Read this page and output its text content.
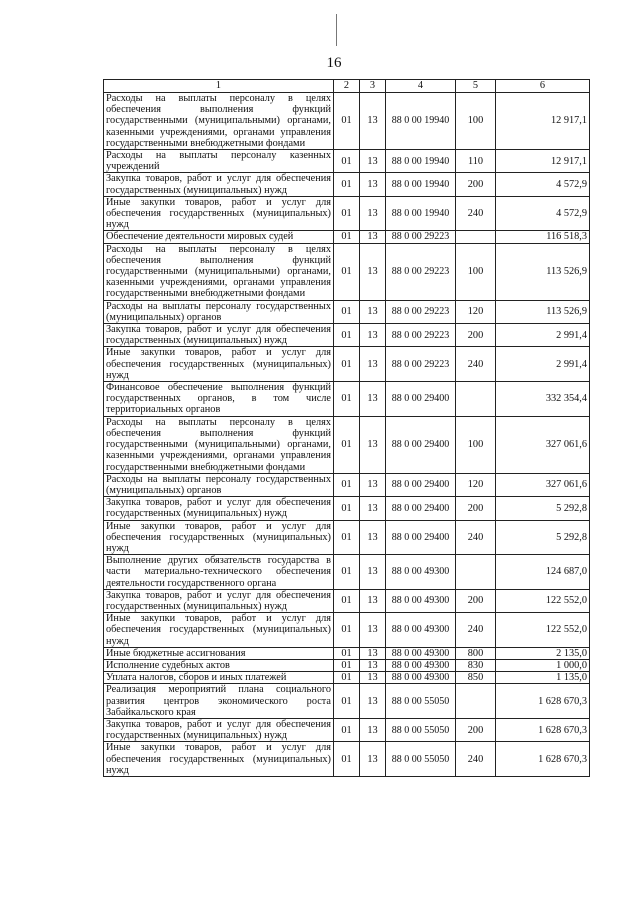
16
1	2	3	4	5	6
Расходы на выплаты персоналу в целях обеспечения выполнения функций государственными (муниципальными) органами, казенными учреждениями, органами управления государственными внебюджетными фондами	01	13	88 0 00 19940	100	12 917,1
Расходы на выплаты персоналу казенных учреждений	01	13	88 0 00 19940	110	12 917,1
Закупка товаров, работ и услуг для обеспечения государственных (муниципальных) нужд	01	13	88 0 00 19940	200	4 572,9
Иные закупки товаров, работ и услуг для обеспечения государственных (муниципальных) нужд	01	13	88 0 00 19940	240	4 572,9
Обеспечение деятельности мировых судей	01	13	88 0 00 29223		116 518,3
Расходы на выплаты персоналу в целях обеспечения выполнения функций государственными (муниципальными) органами, казенными учреждениями, органами управления государственными внебюджетными фондами	01	13	88 0 00 29223	100	113 526,9
Расходы на выплаты персоналу государственных (муниципальных) органов	01	13	88 0 00 29223	120	113 526,9
Закупка товаров, работ и услуг для обеспечения государственных (муниципальных) нужд	01	13	88 0 00 29223	200	2 991,4
Иные закупки товаров, работ и услуг для обеспечения государственных (муниципальных) нужд	01	13	88 0 00 29223	240	2 991,4
Финансовое обеспечение выполнения функций государственных органов, в том числе территориальных органов	01	13	88 0 00 29400		332 354,4
Расходы на выплаты персоналу в целях обеспечения выполнения функций государственными (муниципальными) органами, казенными учреждениями, органами управления государственными внебюджетными фондами	01	13	88 0 00 29400	100	327 061,6
Расходы на выплаты персоналу государственных (муниципальных) органов	01	13	88 0 00 29400	120	327 061,6
Закупка товаров, работ и услуг для обеспечения государственных (муниципальных) нужд	01	13	88 0 00 29400	200	5 292,8
Иные закупки товаров, работ и услуг для обеспечения государственных (муниципальных) нужд	01	13	88 0 00 29400	240	5 292,8
Выполнение других обязательств государства в части материально-технического обеспечения деятельности государственного органа	01	13	88 0 00 49300		124 687,0
Закупка товаров, работ и услуг для обеспечения государственных (муниципальных) нужд	01	13	88 0 00 49300	200	122 552,0
Иные закупки товаров, работ и услуг для обеспечения государственных (муниципальных) нужд	01	13	88 0 00 49300	240	122 552,0
Иные бюджетные ассигнования	01	13	88 0 00 49300	800	2 135,0
Исполнение судебных актов	01	13	88 0 00 49300	830	1 000,0
Уплата налогов, сборов и иных платежей	01	13	88 0 00 49300	850	1 135,0
Реализация мероприятий плана социального развития центров экономического роста Забайкальского края	01	13	88 0 00 55050		1 628 670,3
Закупка товаров, работ и услуг для обеспечения государственных (муниципальных) нужд	01	13	88 0 00 55050	200	1 628 670,3
Иные закупки товаров, работ и услуг для обеспечения государственных (муниципальных) нужд	01	13	88 0 00 55050	240	1 628 670,3
